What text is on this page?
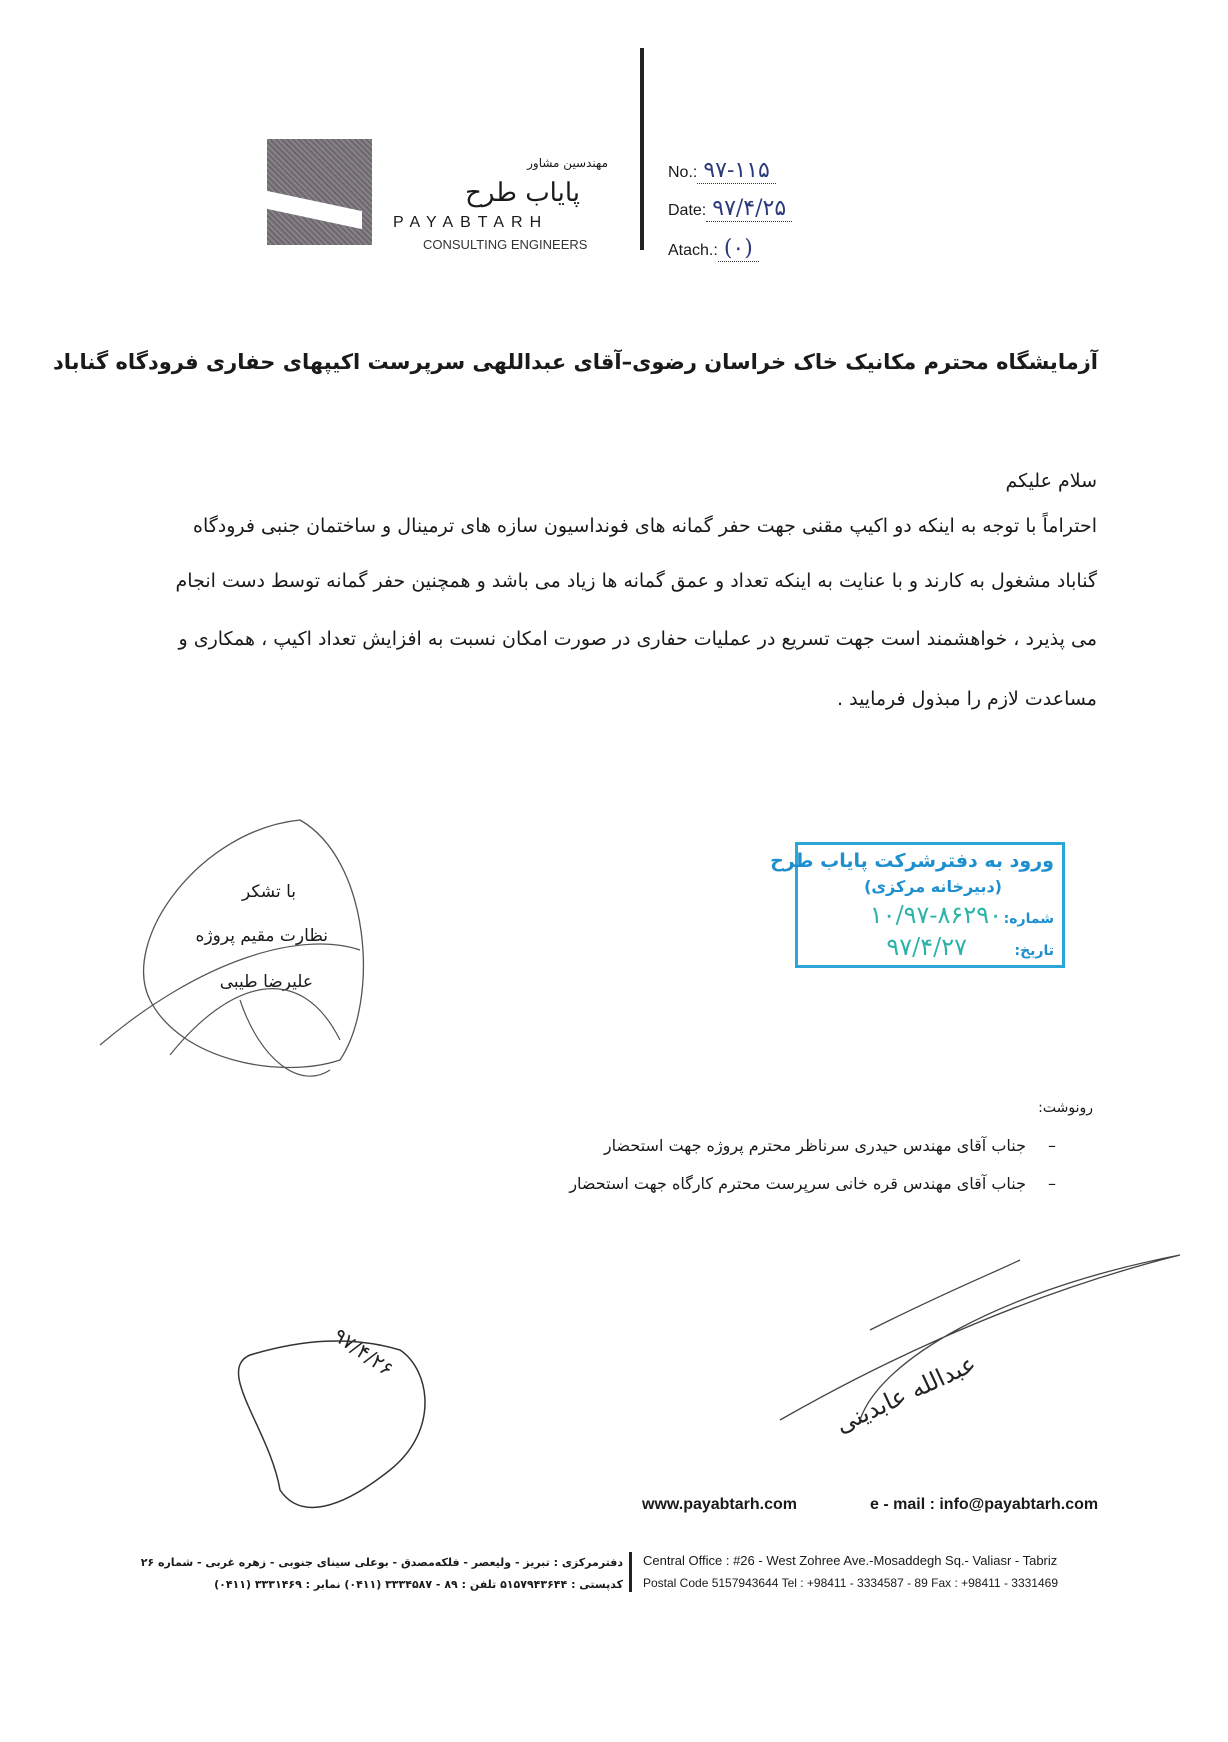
مهندسین مشاور
پایاب طرح
PAYABTARH
CONSULTING ENGINEERS
No.: ۹۷-۱۱۵
Date: ۹۷/۴/۲۵
Atach.: (۰)
آزمایشگاه محترم مکانیک خاک خراسان رضوی–آقای عبداللهی سرپرست اکیپهای حفاری فرودگاه گناباد
سلام علیکم
احتراماً با توجه به اینکه دو اکیپ مقنی جهت حفر گمانه های فونداسیون سازه های ترمینال و ساختمان جنبی فرودگاه
گناباد مشغول به کارند و با عنایت به اینکه تعداد و عمق گمانه ها زیاد می باشد و همچنین حفر گمانه توسط دست انجام
می پذیرد ، خواهشمند است جهت تسریع در عملیات حفاری در صورت امکان نسبت به افزایش تعداد اکیپ ، همکاری و
مساعدت لازم را مبذول فرمایید .
با تشکر
نظارت مقیم پروژه
علیرضا طیبی
ورود به دفترشرکت پایاب طرح
(دبیرخانه مرکزی)
شماره:
۱۰/۹۷-۸۶۲۹۰
تاریخ:
۹۷/۴/۲۷
رونوشت:
جناب آقای مهندس حیدری سرناظر محترم پروژه جهت استحضار
جناب آقای مهندس قره خانی سرپرست محترم کارگاه جهت استحضار
–
–
۹۷/۴/۲۶	عبدالله عابدینی
www.payabtarh.com	e - mail : info@payabtarh.com
Central Office : #26 - West Zohree Ave.-Mosaddegh Sq.- Valiasr - Tabriz
Postal Code 5157943644 Tel : +98411 - 3334587 - 89 Fax : +98411 - 3331469
دفترمرکزی : تبریز - ولیعصر - فلکه‌مصدق - بوعلی سینای جنوبی - زهره غربی - شماره ۲۶
کدپستی : ۵۱۵۷۹۴۳۶۴۴ تلفن : ۸۹ - ۳۳۳۴۵۸۷ (۰۴۱۱) نمابر : ۳۳۳۱۴۶۹ (۰۴۱۱)
